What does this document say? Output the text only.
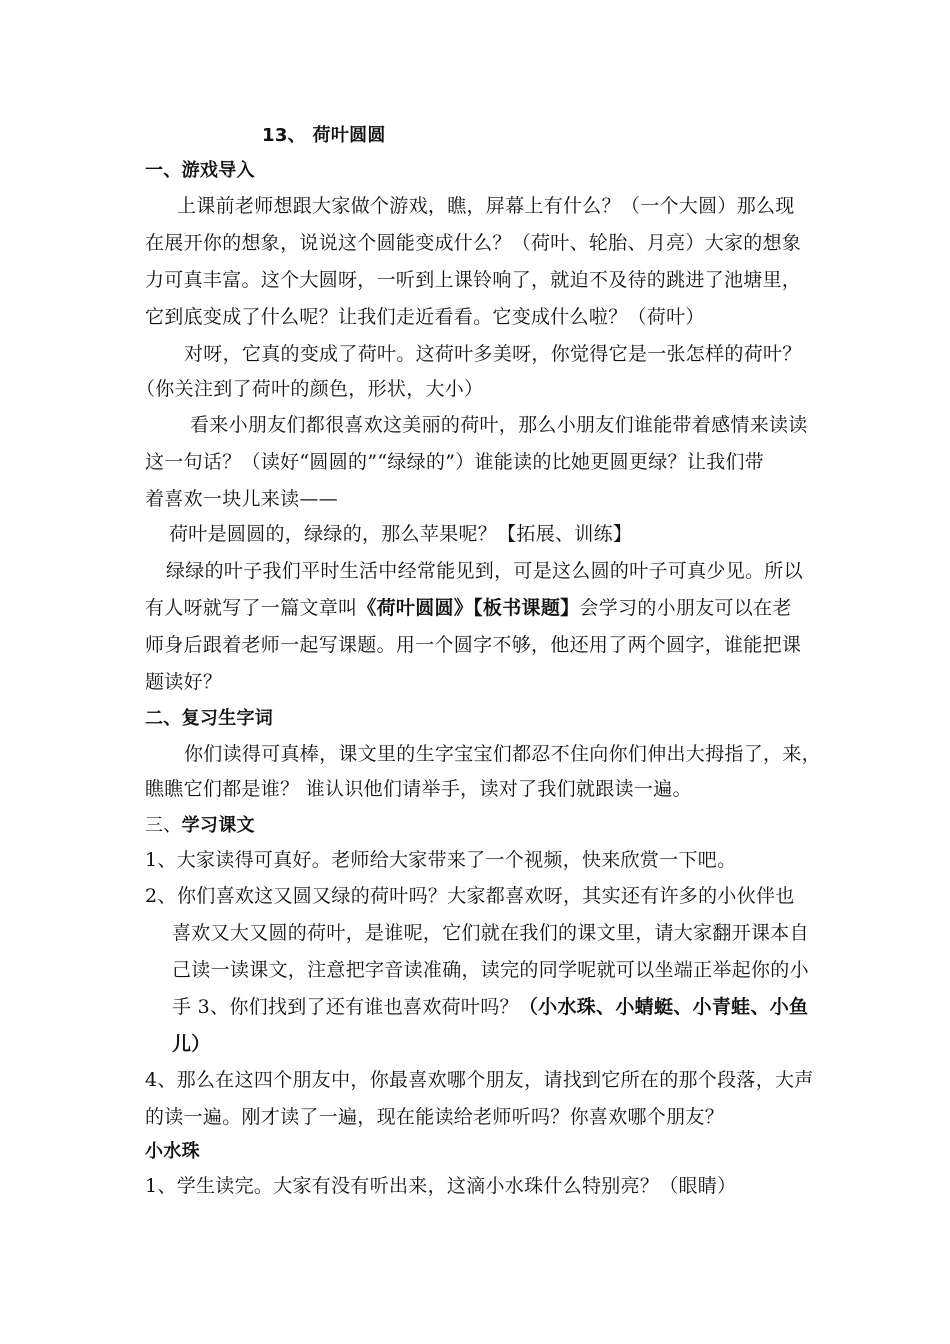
13、 荷叶圆圆
一、游戏导入
上课前老师想跟大家做个游戏，瞧，屏幕上有什么？（一个大圆）那么现
在展开你的想象，说说这个圆能变成什么？（荷叶、轮胎、月亮）大家的想象
力可真丰富。这个大圆呀，一听到上课铃响了，就迫不及待的跳进了池塘里，
它到底变成了什么呢？让我们走近看看。它变成什么啦？（荷叶）
对呀，它真的变成了荷叶。这荷叶多美呀，你觉得它是一张怎样的荷叶？
（你关注到了荷叶的颜色，形状，大小）
看来小朋友们都很喜欢这美丽的荷叶，那么小朋友们谁能带着感情来读读
这一句话？（读好“圆圆的”“绿绿的”）谁能读的比她更圆更绿？让我们带
着喜欢一块儿来读——
荷叶是圆圆的，绿绿的，那么苹果呢？【拓展、训练】
绿绿的叶子我们平时生活中经常能见到，可是这么圆的叶子可真少见。所以
有人呀就写了一篇文章叫《荷叶圆圆》【板书课题】会学习的小朋友可以在老
师身后跟着老师一起写课题。用一个圆字不够，他还用了两个圆字，谁能把课
题读好？
二、复习生字词
你们读得可真棒，课文里的生字宝宝们都忍不住向你们伸出大拇指了，来，
瞧瞧它们都是谁？ 谁认识他们请举手，读对了我们就跟读一遍。
三、学习课文
1、大家读得可真好。老师给大家带来了一个视频，快来欣赏一下吧。
2、 你们喜欢这又圆又绿的荷叶吗？大家都喜欢呀，其实还有许多的小伙伴也
喜欢又大又圆的荷叶，是谁呢，它们就在我们的课文里，请大家翻开课本自
己读一读课文，注意把字音读准确，读完的同学呢就可以坐端正举起你的小
手 3、你们找到了还有谁也喜欢荷叶吗？（小水珠、小蜻蜓、小青蛙、小鱼
儿）
4、那么在这四个朋友中，你最喜欢哪个朋友，请找到它所在的那个段落，大声
的读一遍。刚才读了一遍，现在能读给老师听吗？你喜欢哪个朋友？
小水珠
1、学生读完。大家有没有听出来，这滴小水珠什么特别亮？（眼睛）
